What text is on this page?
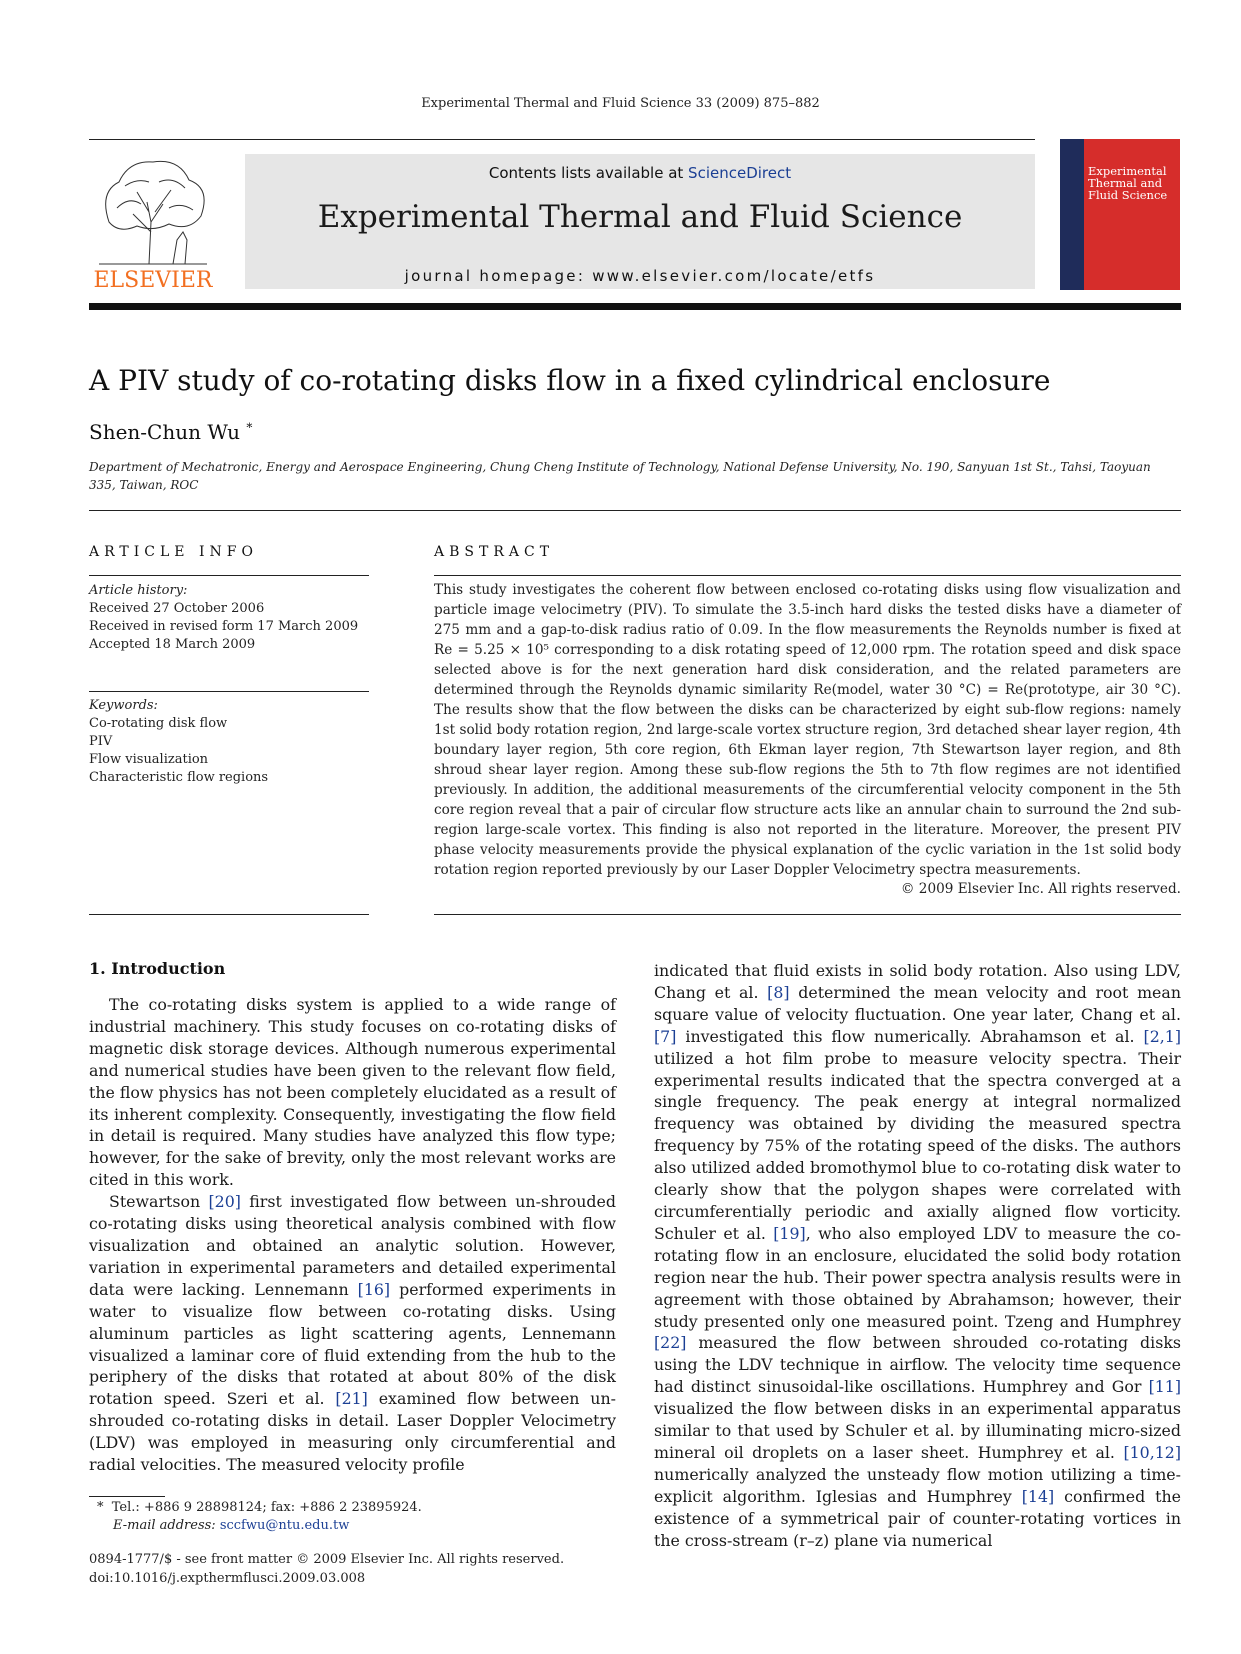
Experimental Thermal and Fluid Science 33 (2009) 875–882
ELSEVIER
Contents lists available at ScienceDirect
Experimental Thermal and Fluid Science
journal homepage: www.elsevier.com/locate/etfs
Experimental Thermal and Fluid Science
A PIV study of co-rotating disks flow in a fixed cylindrical enclosure
Shen-Chun Wu *
Department of Mechatronic, Energy and Aerospace Engineering, Chung Cheng Institute of Technology, National Defense University, No. 190, Sanyuan 1st St., Tahsi, Taoyuan 335, Taiwan, ROC
ARTICLE INFO	ABSTRACT
Article history:
Received 27 October 2006
Received in revised form 17 March 2009
Accepted 18 March 2009
Keywords:
Co-rotating disk flow
PIV
Flow visualization
Characteristic flow regions
This study investigates the coherent flow between enclosed co-rotating disks using flow visualization and particle image velocimetry (PIV). To simulate the 3.5-inch hard disks the tested disks have a diameter of 275 mm and a gap-to-disk radius ratio of 0.09. In the flow measurements the Reynolds number is fixed at Re = 5.25 × 10⁵ corresponding to a disk rotating speed of 12,000 rpm. The rotation speed and disk space selected above is for the next generation hard disk consideration, and the related parameters are determined through the Reynolds dynamic similarity Re(model, water 30 °C) = Re(prototype, air 30 °C). The results show that the flow between the disks can be characterized by eight sub-flow regions: namely 1st solid body rotation region, 2nd large-scale vortex structure region, 3rd detached shear layer region, 4th boundary layer region, 5th core region, 6th Ekman layer region, 7th Stewartson layer region, and 8th shroud shear layer region. Among these sub-flow regions the 5th to 7th flow regimes are not identified previously. In addition, the additional measurements of the circumferential velocity component in the 5th core region reveal that a pair of circular flow structure acts like an annular chain to surround the 2nd sub-region large-scale vortex. This finding is also not reported in the literature. Moreover, the present PIV phase velocity measurements provide the physical explanation of the cyclic variation in the 1st solid body rotation region reported previously by our Laser Doppler Velocimetry spectra measurements.
© 2009 Elsevier Inc. All rights reserved.
1. Introduction

The co-rotating disks system is applied to a wide range of industrial machinery. This study focuses on co-rotating disks of magnetic disk storage devices. Although numerous experimental and numerical studies have been given to the relevant flow field, the flow physics has not been completely elucidated as a result of its inherent complexity. Consequently, investigating the flow field in detail is required. Many studies have analyzed this flow type; however, for the sake of brevity, only the most relevant works are cited in this work.

Stewartson [20] first investigated flow between un-shrouded co-rotating disks using theoretical analysis combined with flow visualization and obtained an analytic solution. However, variation in experimental parameters and detailed experimental data were lacking. Lennemann [16] performed experiments in water to visualize flow between co-rotating disks. Using aluminum particles as light scattering agents, Lennemann visualized a laminar core of fluid extending from the hub to the periphery of the disks that rotated at about 80% of the disk rotation speed. Szeri et al. [21] examined flow between un-shrouded co-rotating disks in detail. Laser Doppler Velocimetry (LDV) was employed in measuring only circumferential and radial velocities. The measured velocity profile

indicated that fluid exists in solid body rotation. Also using LDV, Chang et al. [8] determined the mean velocity and root mean square value of velocity fluctuation. One year later, Chang et al. [7] investigated this flow numerically. Abrahamson et al. [2,1] utilized a hot film probe to measure velocity spectra. Their experimental results indicated that the spectra converged at a single frequency. The peak energy at integral normalized frequency was obtained by dividing the measured spectra frequency by 75% of the rotating speed of the disks. The authors also utilized added bromothymol blue to co-rotating disk water to clearly show that the polygon shapes were correlated with circumferentially periodic and axially aligned flow vorticity. Schuler et al. [19], who also employed LDV to measure the co-rotating flow in an enclosure, elucidated the solid body rotation region near the hub. Their power spectra analysis results were in agreement with those obtained by Abrahamson; however, their study presented only one measured point. Tzeng and Humphrey [22] measured the flow between shrouded co-rotating disks using the LDV technique in airflow. The velocity time sequence had distinct sinusoidal-like oscillations. Humphrey and Gor [11] visualized the flow between disks in an experimental apparatus similar to that used by Schuler et al. by illuminating micro-sized mineral oil droplets on a laser sheet. Humphrey et al. [10,12] numerically analyzed the unsteady flow motion utilizing a time-explicit algorithm. Iglesias and Humphrey [14] confirmed the existence of a symmetrical pair of counter-rotating vortices in the cross-stream (r–z) plane via numerical

* Tel.: +886 9 28898124; fax: +886 2 23895924.
E-mail address: sccfwu@ntu.edu.tw
0894-1777/$ - see front matter © 2009 Elsevier Inc. All rights reserved.
doi:10.1016/j.expthermflusci.2009.03.008
